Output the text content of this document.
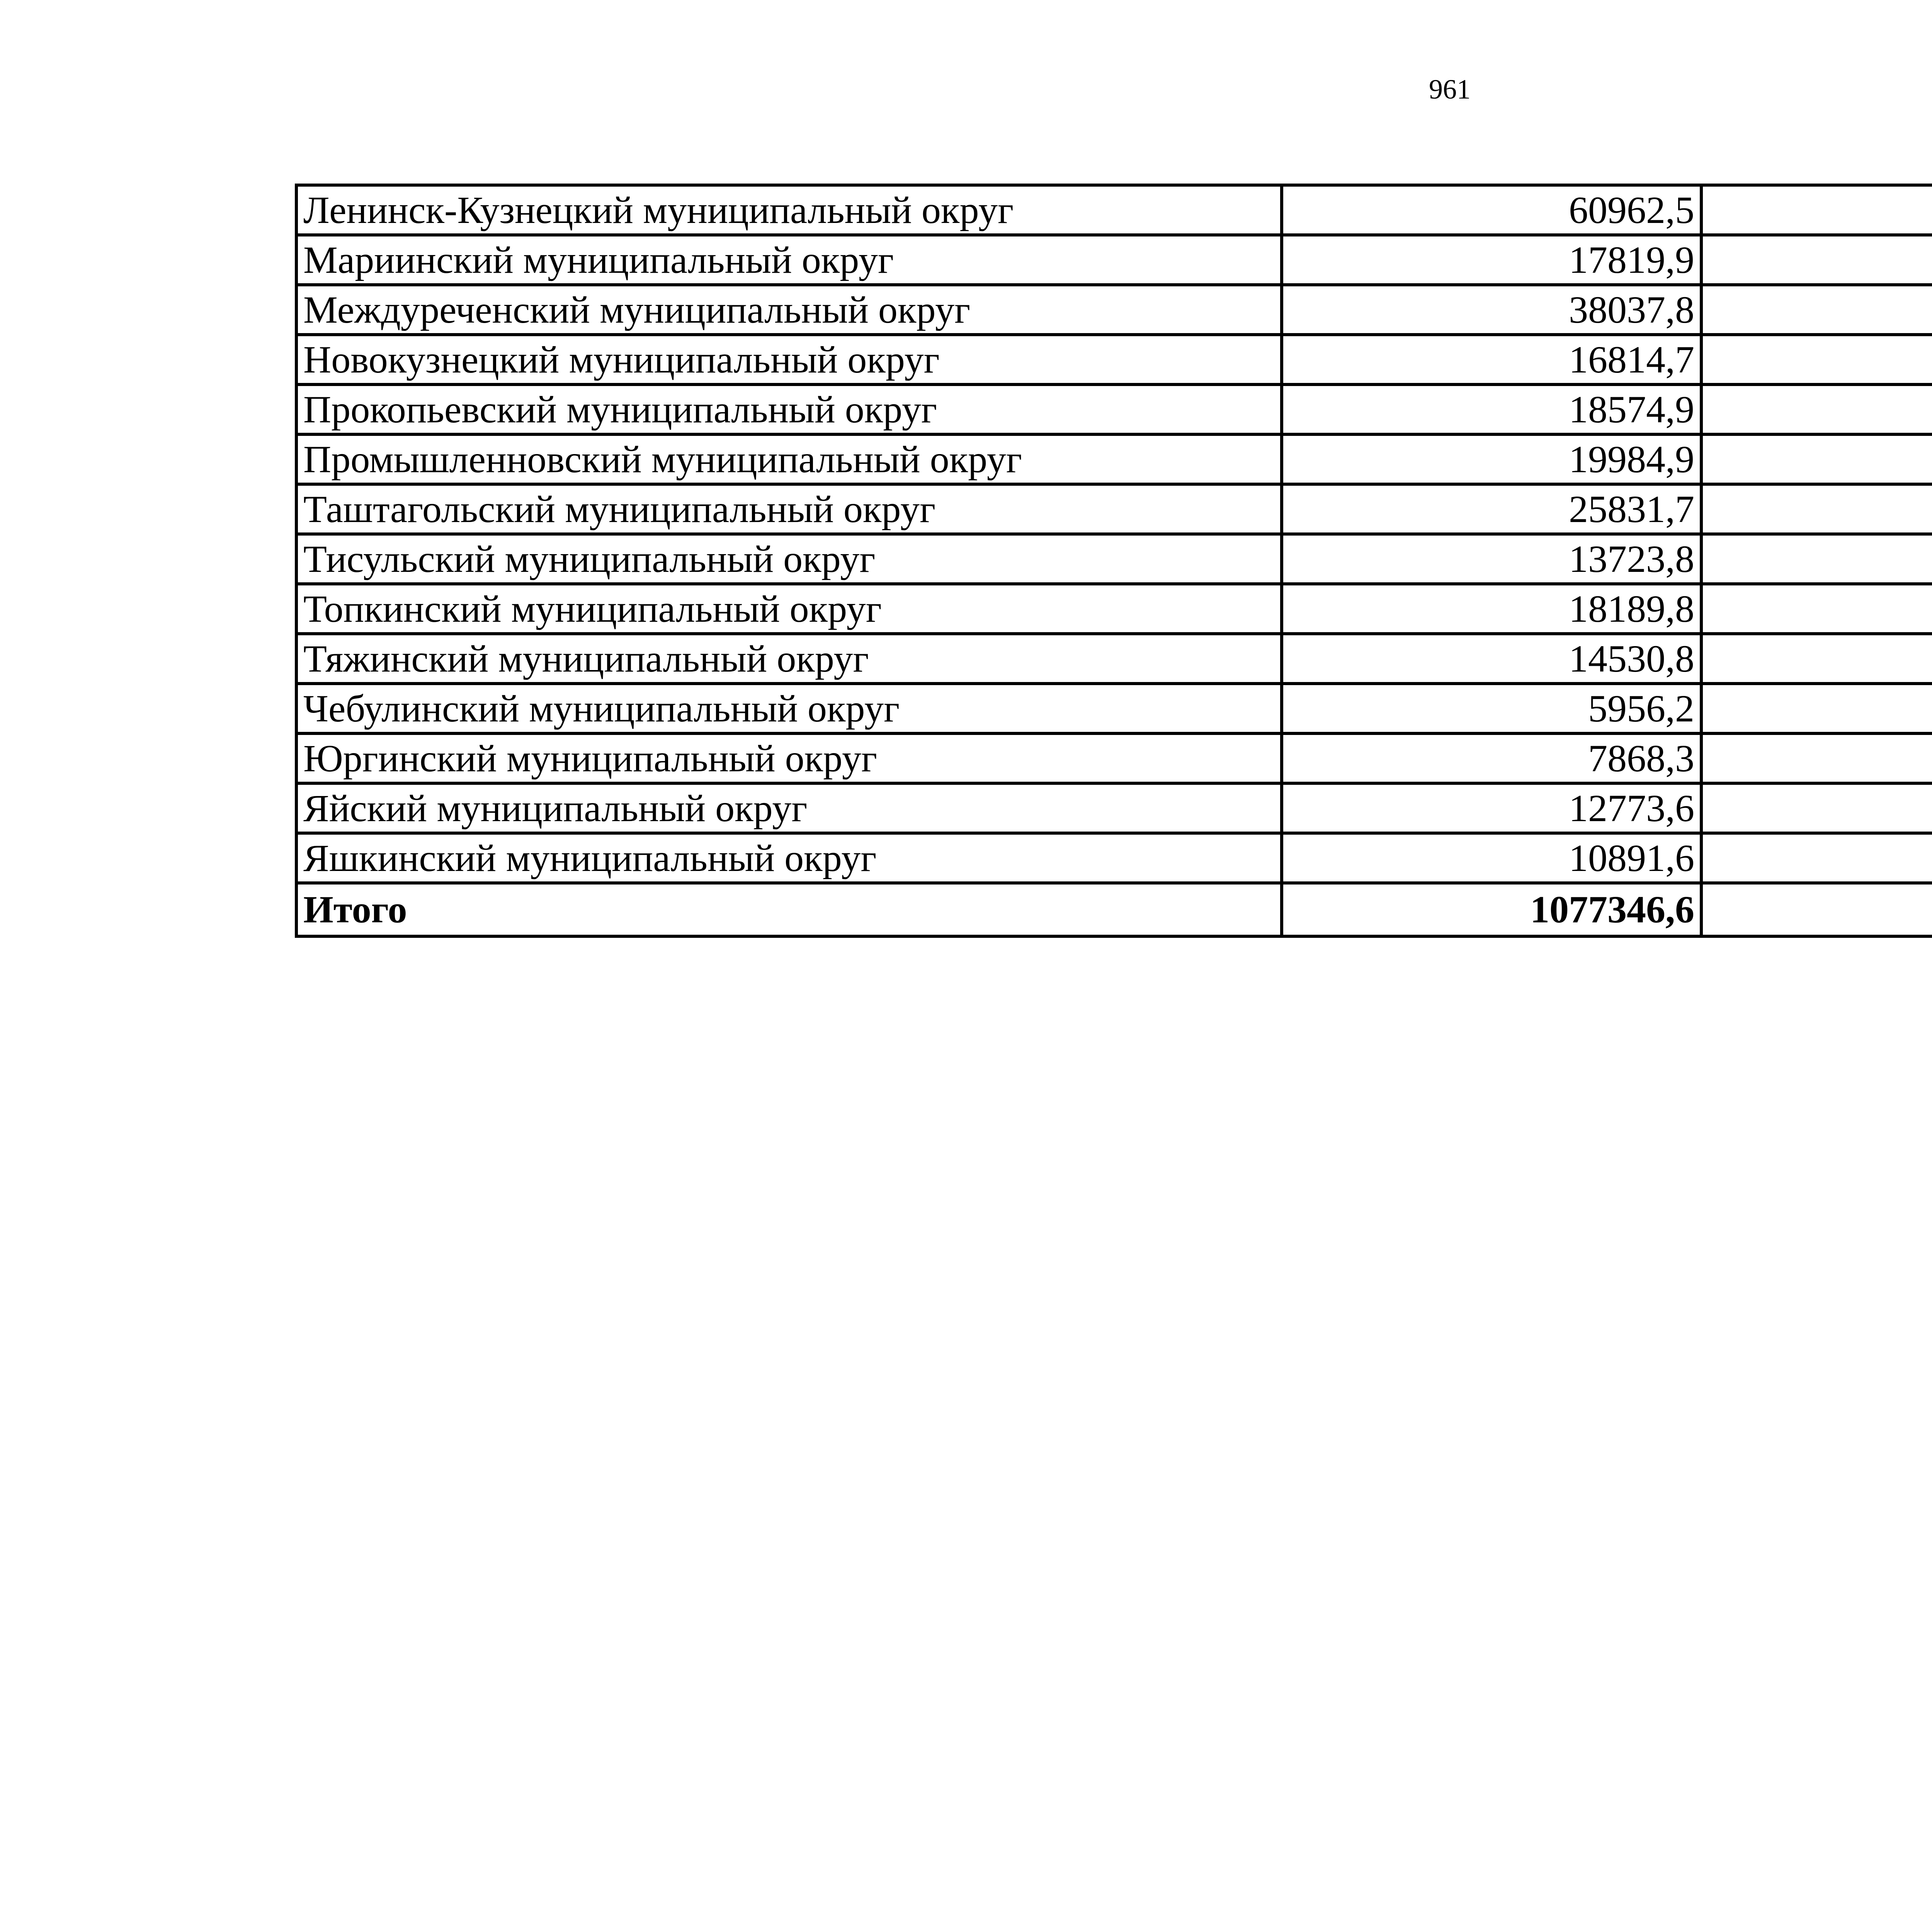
961
Ленинск-Кузнецкий муниципальный округ	60962,5		
Мариинский муниципальный округ	17819,9		
Междуреченский муниципальный округ	38037,8		
Новокузнецкий муниципальный округ	16814,7		
Прокопьевский муниципальный округ	18574,9		
Промышленновский муниципальный округ	19984,9		
Таштагольский муниципальный округ	25831,7		
Тисульский муниципальный округ	13723,8		
Топкинский муниципальный округ	18189,8		
Тяжинский муниципальный округ	14530,8		
Чебулинский муниципальный округ	5956,2		
Юргинский муниципальный округ	7868,3		
Яйский муниципальный округ	12773,6		
Яшкинский муниципальный округ	10891,6		
Итого	1077346,6		
